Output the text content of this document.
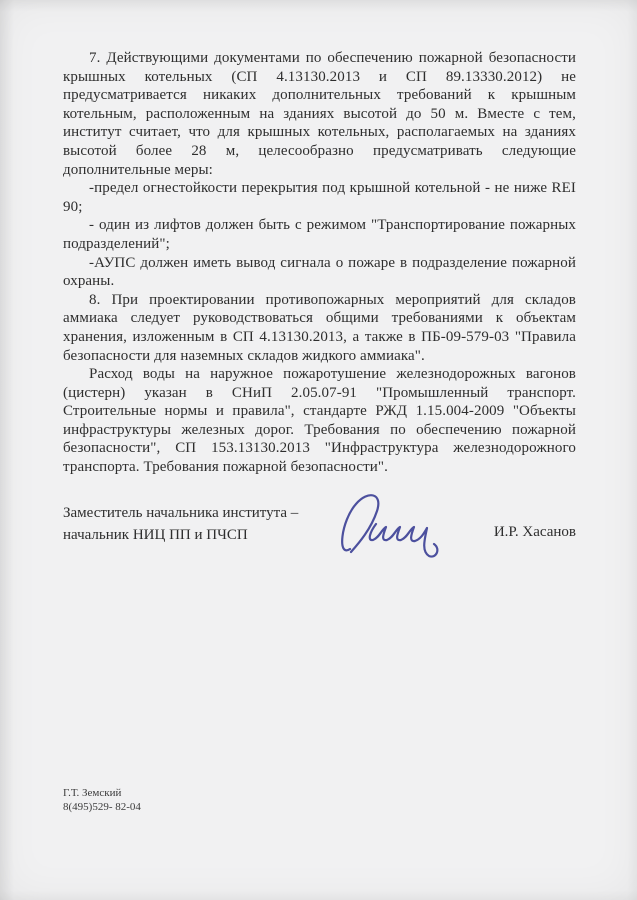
7. Действующими документами по обеспечению пожарной безопасности крышных котельных (СП 4.13130.2013 и СП 89.13330.2012) не предусматривается никаких дополнительных требований к крышным котельным, расположенным на зданиях высотой до 50 м. Вместе с тем, институт считает, что для крышных котельных, располагаемых на зданиях высотой более 28 м, целесообразно предусматривать следующие дополнительные меры:

-предел огнестойкости перекрытия под крышной котельной - не ниже REI 90;

- один из лифтов должен быть с режимом "Транспортирование пожарных подразделений";

-АУПС должен иметь вывод сигнала о пожаре в подразделение пожарной охраны.

8. При проектировании противопожарных мероприятий для складов аммиака следует руководствоваться общими требованиями к объектам хранения, изложенным в СП 4.13130.2013, а также в ПБ-09-579-03 "Правила безопасности для наземных складов жидкого аммиака".

Расход воды на наружное пожаротушение железнодорожных вагонов (цистерн) указан в СНиП 2.05.07-91 "Промышленный транспорт. Строительные нормы и правила", стандарте РЖД 1.15.004-2009 "Объекты инфраструктуры железных дорог. Требования по обеспечению пожарной безопасности", СП 153.13130.2013 "Инфраструктура железнодорожного транспорта. Требования пожарной безопасности".

Заместитель начальника института –
начальник НИЦ ПП и ПЧСП	И.Р. Хасанов
Г.Т. Земский
8(495)529- 82-04
